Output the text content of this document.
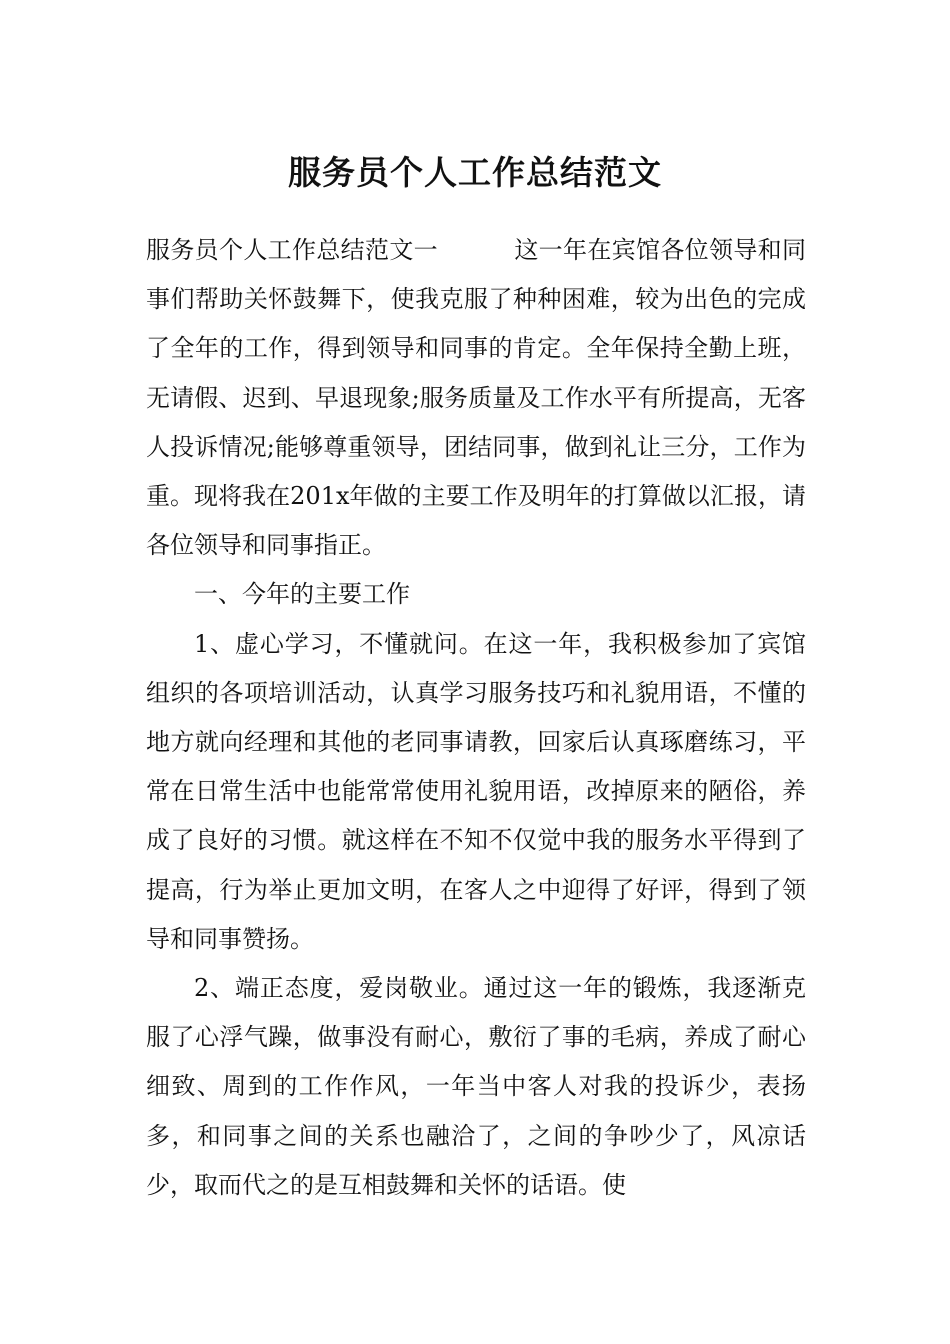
服务员个人工作总结范文

服务员个人工作总结范文一	这一年在宾馆各位领导和同事们帮助关怀鼓舞下，使我克服了种种困难，较为出色的完成了全年的工作，得到领导和同事的肯定。全年保持全勤上班，无请假、迟到、早退现象;服务质量及工作水平有所提高，无客人投诉情况;能够尊重领导，团结同事，做到礼让三分，工作为重。现将我在201x年做的主要工作及明年的打算做以汇报，请各位领导和同事指正。

一、今年的主要工作

1、虚心学习，不懂就问。在这一年，我积极参加了宾馆组织的各项培训活动，认真学习服务技巧和礼貌用语，不懂的地方就向经理和其他的老同事请教，回家后认真琢磨练习，平常在日常生活中也能常常使用礼貌用语，改掉原来的陋俗，养成了良好的习惯。就这样在不知不仅觉中我的服务水平得到了提高，行为举止更加文明，在客人之中迎得了好评，得到了领导和同事赞扬。

2、端正态度，爱岗敬业。通过这一年的锻炼，我逐渐克服了心浮气躁，做事没有耐心，敷衍了事的毛病，养成了耐心细致、周到的工作作风，一年当中客人对我的投诉少，表扬多，和同事之间的关系也融洽了，之间的争吵少了，风凉话少，取而代之的是互相鼓舞和关怀的话语。使
